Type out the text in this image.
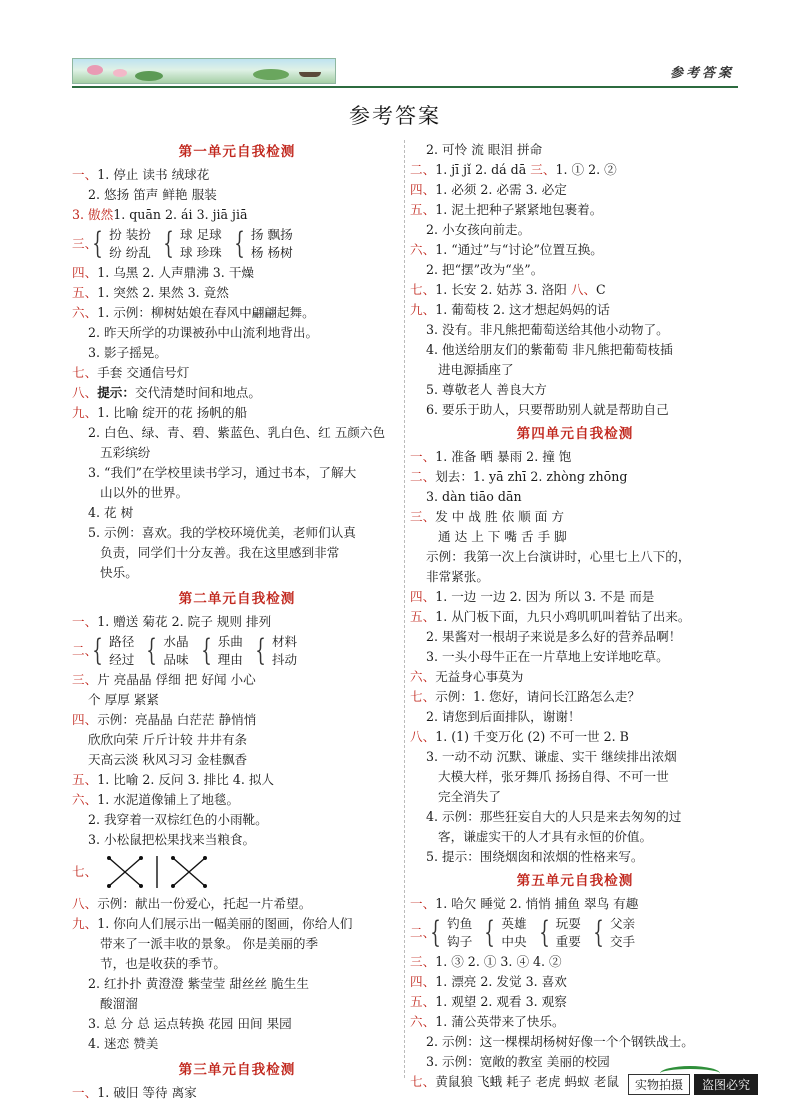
参考答案
参考答案
第一单元自我检测
一、1. 停止 读书 绒球花
2. 悠扬 笛声 鲜艳 服装
3. 傲然1. quān 2. ái 3. jiā jiā
三、
{ 扮 装扮
纷 纷乱 { 球 足球
球 珍珠 { 扬 飘扬
杨 杨树
四、1. 乌黑 2. 人声鼎沸 3. 干燥
五、1. 突然 2. 果然 3. 竟然
六、1. 示例：柳树姑娘在春风中翩翩起舞。
2. 昨天所学的功课被孙中山流利地背出。
3. 影子摇晃。
七、手套 交通信号灯
八、提示：交代清楚时间和地点。
九、1. 比喻 绽开的花 扬帆的船
2. 白色、绿、青、碧、紫蓝色、乳白色、红 五颜六色
五彩缤纷
3. “我们”在学校里读书学习，通过书本，了解大
山以外的世界。
4. 花 树
5. 示例：喜欢。我的学校环境优美，老师们认真
负责，同学们十分友善。我在这里感到非常
快乐。
第二单元自我检测
一、1. 赠送 菊花 2. 院子 规则 排列
二、
{ 路径
经过 { 水晶
品味 { 乐曲
理由 { 材料
抖动
三、片 亮晶晶 俘细 把 好闻 小心
个 厚厚 紧紧
四、示例：亮晶晶 白茫茫 静悄悄
欣欣向荣 斤斤计较 井井有条
天高云淡 秋风习习 金桂飘香
五、1. 比喻 2. 反问 3. 排比 4. 拟人
六、1. 水泥道像铺上了地毯。
2. 我穿着一双棕红色的小雨靴。
3. 小松鼠把松果找来当粮食。
七、
八、示例：献出一份爱心，托起一片希望。
九、1. 你向人们展示出一幅美丽的图画，你给人们
带来了一派丰收的景象。 你是美丽的季
节，也是收获的季节。
2. 红扑扑 黄澄澄 紫莹莹 甜丝丝 脆生生
酸溜溜
3. 总 分 总 运点转换 花园 田间 果园
4. 迷恋 赞美
第三单元自我检测
一、1. 破旧 等待 离家
2. 可怜 流 眼泪 拼命
二、1. jī jǐ 2. dá dā 三、1. ① 2. ②
四、1. 必须 2. 必需 3. 必定
五、1. 泥土把种子紧紧地包裹着。
2. 小女孩向前走。
六、1. “通过”与“讨论”位置互换。
2. 把“摆”改为“坐”。
七、1. 长安 2. 姑苏 3. 洛阳 八、C
九、1. 葡萄枝 2. 这才想起妈妈的话
3. 没有。非凡熊把葡萄送给其他小动物了。
4. 他送给朋友们的紫葡萄 非凡熊把葡萄枝插
进电源插座了
5. 尊敬老人 善良大方
6. 要乐于助人，只要帮助别人就是帮助自己
第四单元自我检测
一、1. 准备 晒 暴雨 2. 撞 饱
二、划去：1. yā zhī 2. zhòng zhōng
3. dàn tiāo dān
三、发 中 战 胜 依 顺 面 方
通 达 上 下 嘴 舌 手 脚
示例：我第一次上台演讲时，心里七上八下的，
非常紧张。
四、1. 一边 一边 2. 因为 所以 3. 不是 而是
五、1. 从门板下面，九只小鸡叽叽叫着钻了出来。
2. 果酱对一根胡子来说是多么好的营养品啊！
3. 一头小母牛正在一片草地上安详地吃草。
六、无益身心事莫为
七、示例：1. 您好，请问长江路怎么走？
2. 请您到后面排队，谢谢！
八、1. (1) 千变万化 (2) 不可一世 2. B
3. 一动不动 沉默、谦虚、实干 继续排出浓烟
大模大样，张牙舞爪 扬扬自得、不可一世
完全消失了
4. 示例：那些狂妄自大的人只是来去匆匆的过
客，谦虚实干的人才具有永恒的价值。
5. 提示：围绕烟囱和浓烟的性格来写。
第五单元自我检测
一、1. 哈欠 睡觉 2. 悄悄 捕鱼 翠鸟 有趣
二、
{ 钓鱼
钩子 { 英雄
中央 { 玩耍
重要 { 父亲
交手
三、1. ③ 2. ① 3. ④ 4. ②
四、1. 漂亮 2. 发觉 3. 喜欢
五、1. 观望 2. 观看 3. 观察
六、1. 蒲公英带来了快乐。
2. 示例：这一棵棵胡杨树好像一个个钢铁战士。
3. 示例：宽敞的教室 美丽的校园
七、黄鼠狼 飞蛾 耗子 老虎 蚂蚁 老鼠	实物拍摄	盗图必究
